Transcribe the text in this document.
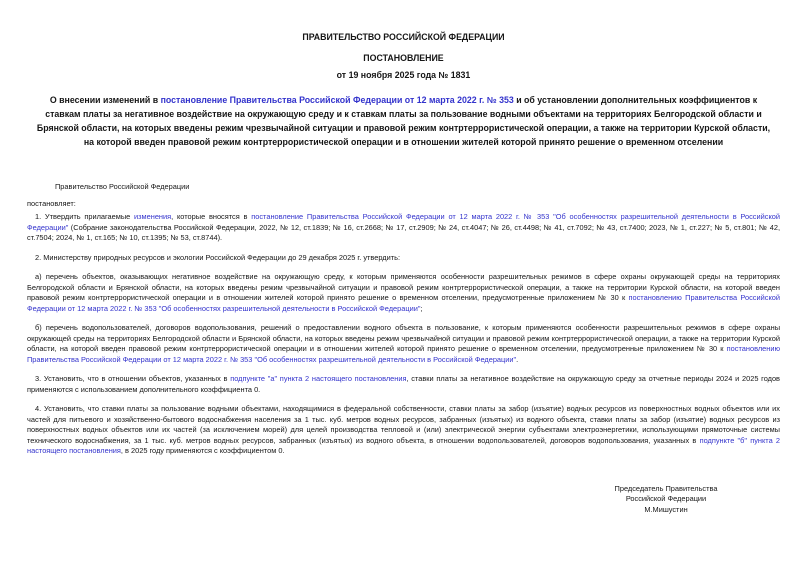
ПРАВИТЕЛЬСТВО РОССИЙСКОЙ ФЕДЕРАЦИИ
ПОСТАНОВЛЕНИЕ
от 19 ноября 2025 года № 1831
О внесении изменений в постановление Правительства Российской Федерации от 12 марта 2022 г. № 353 и об установлении дополнительных коэффициентов к ставкам платы за негативное воздействие на окружающую среду и к ставкам платы за пользование водными объектами на территориях Белгородской области и Брянской области, на которых введены режим чрезвычайной ситуации и правовой режим контртеррористической операции, а также на территории Курской области, на которой введен правовой режим контртеррористической операции и в отношении жителей которой принято решение о временном отселении

Правительство Российской Федерации

постановляет:

1. Утвердить прилагаемые изменения, которые вносятся в постановление Правительства Российской Федерации от 12 марта 2022 г. № 353 "Об особенностях разрешительной деятельности в Российской Федерации" (Собрание законодательства Российской Федерации, 2022, № 12, ст.1839; № 16, ст.2668; № 17, ст.2909; № 24, ст.4047; № 26, ст.4498; № 41, ст.7092; № 43, ст.7400; 2023, № 1, ст.227; № 5, ст.801; № 42, ст.7504; 2024, № 1, ст.165; № 10, ст.1395; № 53, ст.8744).

2. Министерству природных ресурсов и экологии Российской Федерации до 29 декабря 2025 г. утвердить:

а) перечень объектов, оказывающих негативное воздействие на окружающую среду, к которым применяются особенности разрешительных режимов в сфере охраны окружающей среды на территориях Белгородской области и Брянской области, на которых введены режим чрезвычайной ситуации и правовой режим контртеррористической операции, а также на территории Курской области, на которой введен правовой режим контртеррористической операции и в отношении жителей которой принято решение о временном отселении, предусмотренные приложением № 30 к постановлению Правительства Российской Федерации от 12 марта 2022 г. № 353 "Об особенностях разрешительной деятельности в Российской Федерации";

б) перечень водопользователей, договоров водопользования, решений о предоставлении водного объекта в пользование, к которым применяются особенности разрешительных режимов в сфере охраны окружающей среды на территориях Белгородской области и Брянской области, на которых введены режим чрезвычайной ситуации и правовой режим контртеррористической операции, а также на территории Курской области, на которой введен правовой режим контртеррористической операции и в отношении жителей которой принято решение о временном отселении, предусмотренные приложением № 30 к постановлению Правительства Российской Федерации от 12 марта 2022 г. № 353 "Об особенностях разрешительной деятельности в Российской Федерации".

3. Установить, что в отношении объектов, указанных в подпункте "а" пункта 2 настоящего постановления, ставки платы за негативное воздействие на окружающую среду за отчетные периоды 2024 и 2025 годов применяются с использованием дополнительного коэффициента 0.

4. Установить, что ставки платы за пользование водными объектами, находящимися в федеральной собственности, ставки платы за забор (изъятие) водных ресурсов из поверхностных водных объектов или их частей для питьевого и хозяйственно-бытового водоснабжения населения за 1 тыс. куб. метров водных ресурсов, забранных (изъятых) из водного объекта, ставки платы за забор (изъятие) водных ресурсов из поверхностных водных объектов или их частей (за исключением морей) для целей производства тепловой и (или) электрической энергии субъектами электроэнергетики, использующими прямоточные системы технического водоснабжения, за 1 тыс. куб. метров водных ресурсов, забранных (изъятых) из водного объекта, в отношении водопользователей, договоров водопользования, указанных в подпункте "б" пункта 2 настоящего постановления, в 2025 году применяются с коэффициентом 0.

Председатель Правительства
Российской Федерации
М.Мишустин
